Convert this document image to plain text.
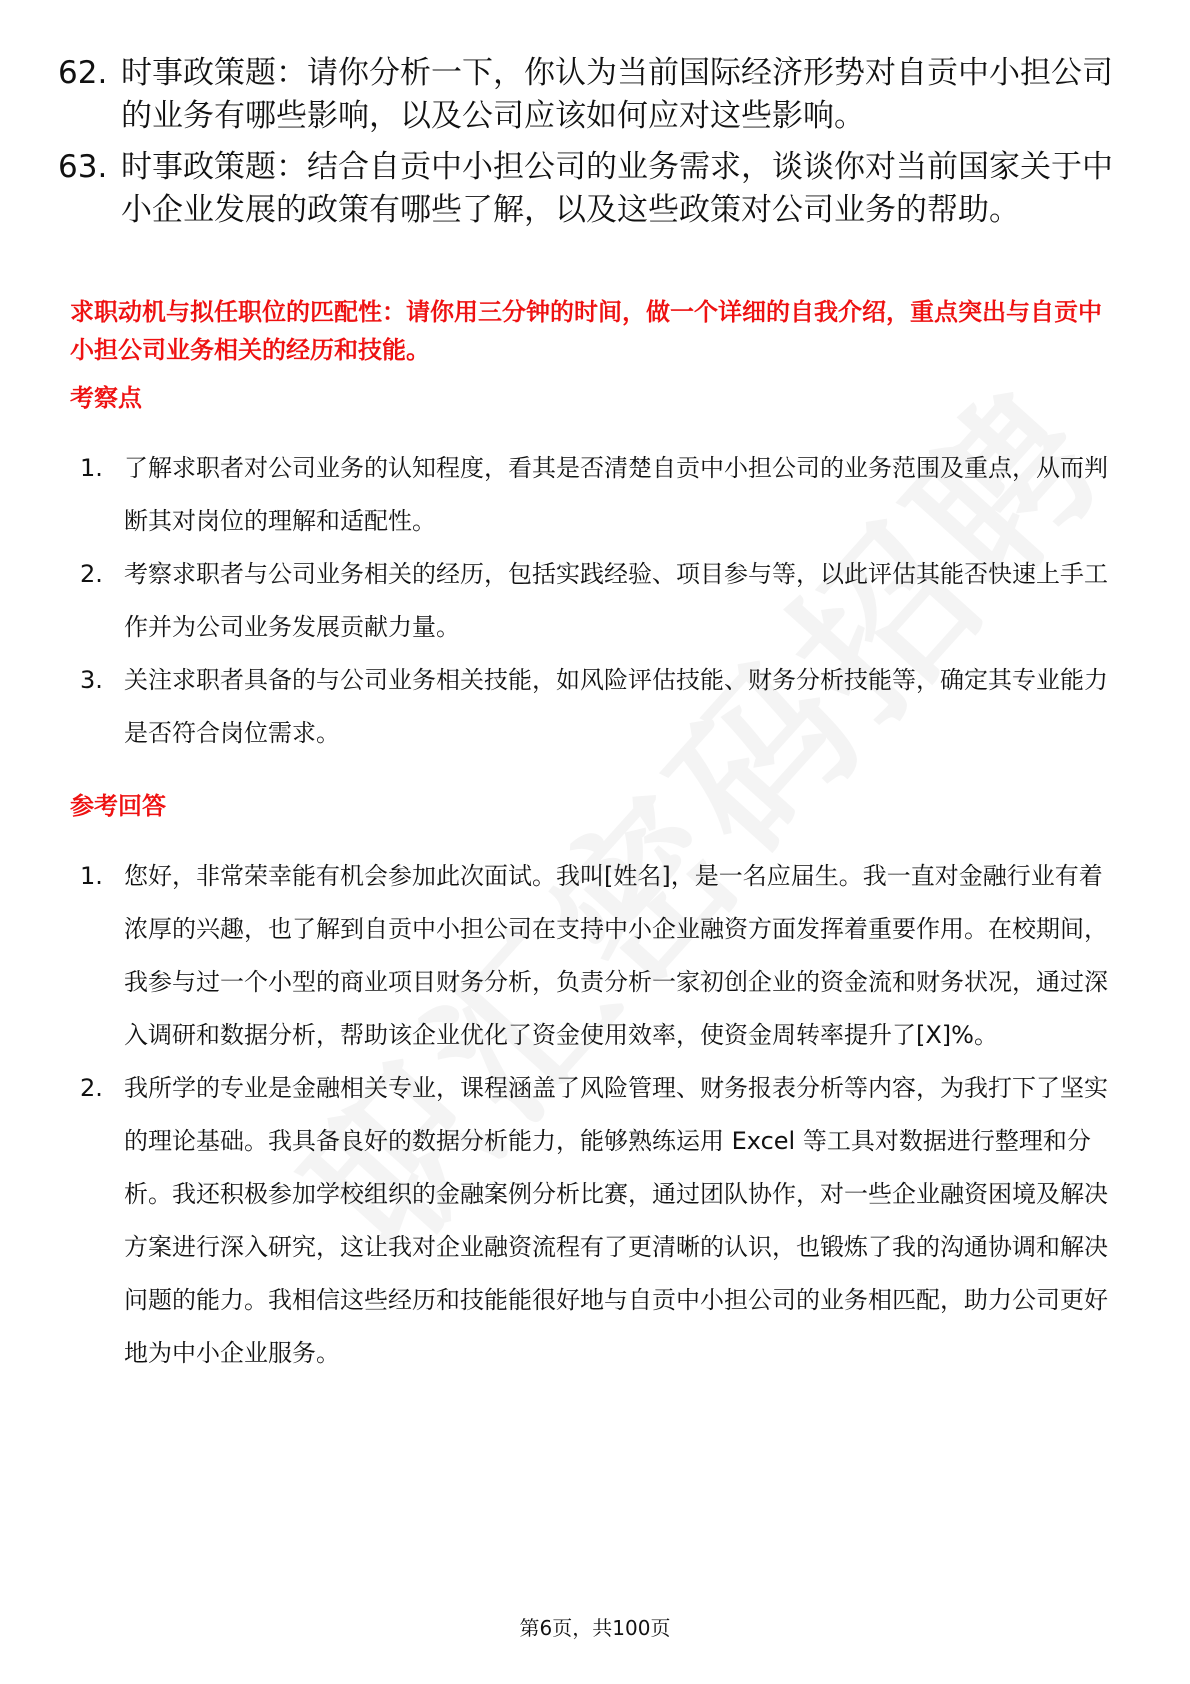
62. 时事政策题：请你分析一下，你认为当前国际经济形势对自贡中小担公司的业务有哪些影响，以及公司应该如何应对这些影响。
63. 时事政策题：结合自贡中小担公司的业务需求，谈谈你对当前国家关于中小企业发展的政策有哪些了解，以及这些政策对公司业务的帮助。
求职动机与拟任职位的匹配性：请你用三分钟的时间，做一个详细的自我介绍，重点突出与自贡中小担公司业务相关的经历和技能。
考察点
1. 了解求职者对公司业务的认知程度，看其是否清楚自贡中小担公司的业务范围及重点，从而判断其对岗位的理解和适配性。
2. 考察求职者与公司业务相关的经历，包括实践经验、项目参与等，以此评估其能否快速上手工作并为公司业务发展贡献力量。
3. 关注求职者具备的与公司业务相关技能，如风险评估技能、财务分析技能等，确定其专业能力是否符合岗位需求。
参考回答
1. 您好，非常荣幸能有机会参加此次面试。我叫[姓名]，是一名应届生。我一直对金融行业有着浓厚的兴趣，也了解到自贡中小担公司在支持中小企业融资方面发挥着重要作用。在校期间，我参与过一个小型的商业项目财务分析，负责分析一家初创企业的资金流和财务状况，通过深入调研和数据分析，帮助该企业优化了资金使用效率，使资金周转率提升了[X]%。
2. 我所学的专业是金融相关专业，课程涵盖了风险管理、财务报表分析等内容，为我打下了坚实的理论基础。我具备良好的数据分析能力，能够熟练运用 Excel 等工具对数据进行整理和分析。我还积极参加学校组织的金融案例分析比赛，通过团队协作，对一些企业融资困境及解决方案进行深入研究，这让我对企业融资流程有了更清晰的认识，也锻炼了我的沟通协调和解决问题的能力。我相信这些经历和技能能很好地与自贡中小担公司的业务相匹配，助力公司更好地为中小企业服务。
第6页，共100页
